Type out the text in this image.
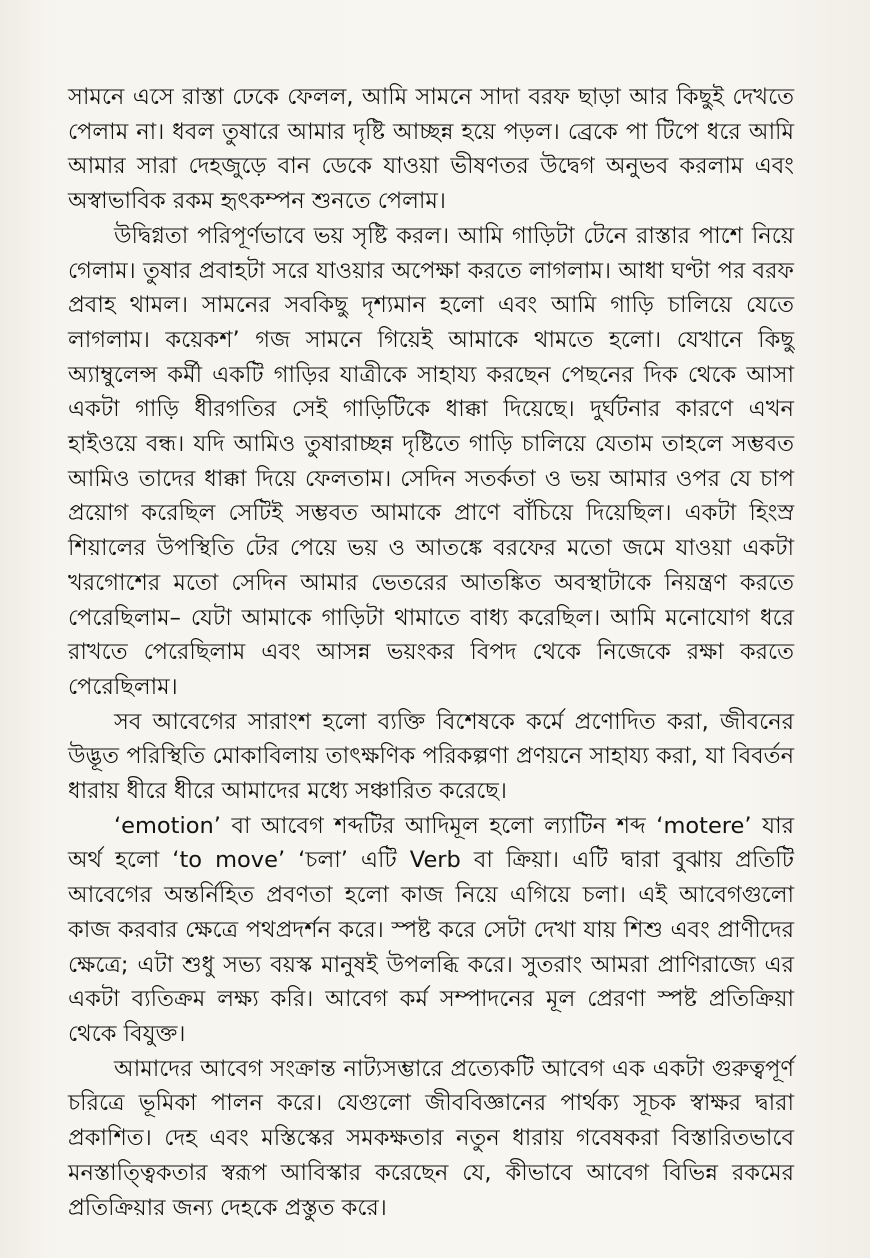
সামনে এসে রাস্তা ঢেকে ফেলল, আমি সামনে সাদা বরফ ছাড়া আর কিছুই দেখতে পেলাম না। ধবল তুষারে আমার দৃষ্টি আচ্ছন্ন হয়ে পড়ল। ব্রেকে পা টিপে ধরে আমি আমার সারা দেহজুড়ে বান ডেকে যাওয়া ভীষণতর উদ্বেগ অনুভব করলাম এবং অস্বাভাবিক রকম হৃৎকম্পন শুনতে পেলাম।

উদ্বিগ্নতা পরিপূর্ণভাবে ভয় সৃষ্টি করল। আমি গাড়িটা টেনে রাস্তার পাশে নিয়ে গেলাম। তুষার প্রবাহটা সরে যাওয়ার অপেক্ষা করতে লাগলাম। আধা ঘণ্টা পর বরফ প্রবাহ থামল। সামনের সবকিছু দৃশ্যমান হলো এবং আমি গাড়ি চালিয়ে যেতে লাগলাম। কয়েকশ’ গজ সামনে গিয়েই আমাকে থামতে হলো। যেখানে কিছু অ্যাম্বুলেন্স কর্মী একটি গাড়ির যাত্রীকে সাহায্য করছেন পেছনের দিক থেকে আসা একটা গাড়ি ধীরগতির সেই গাড়িটিকে ধাক্কা দিয়েছে। দুর্ঘটনার কারণে এখন হাইওয়ে বন্ধ। যদি আমিও তুষারাচ্ছন্ন দৃষ্টিতে গাড়ি চালিয়ে যেতাম তাহলে সম্ভবত আমিও তাদের ধাক্কা দিয়ে ফেলতাম। সেদিন সতর্কতা ও ভয় আমার ওপর যে চাপ প্রয়োগ করেছিল সেটিই সম্ভবত আমাকে প্রাণে বাঁচিয়ে দিয়েছিল। একটা হিংস্র শিয়ালের উপস্থিতি টের পেয়ে ভয় ও আতঙ্কে বরফের মতো জমে যাওয়া একটা খরগোশের মতো সেদিন আমার ভেতরের আতঙ্কিত অবস্থাটাকে নিয়ন্ত্রণ করতে পেরেছিলাম– যেটা আমাকে গাড়িটা থামাতে বাধ্য করেছিল। আমি মনোযোগ ধরে রাখতে পেরেছিলাম এবং আসন্ন ভয়ংকর বিপদ থেকে নিজেকে রক্ষা করতে পেরেছিলাম।

সব আবেগের সারাংশ হলো ব্যক্তি বিশেষকে কর্মে প্রণোদিত করা, জীবনের উদ্ভূত পরিস্থিতি মোকাবিলায় তাৎক্ষণিক পরিকল্পণা প্রণয়নে সাহায্য করা, যা বিবর্তন ধারায় ধীরে ধীরে আমাদের মধ্যে সঞ্চারিত করেছে।

‘emotion’ বা আবেগ শব্দটির আদিমূল হলো ল্যাটিন শব্দ ‘motere’ যার অর্থ হলো ‘to move’ ‘চলা’ এটি Verb বা ক্রিয়া। এটি দ্বারা বুঝায় প্রতিটি আবেগের অন্তর্নিহিত প্রবণতা হলো কাজ নিয়ে এগিয়ে চলা। এই আবেগগুলো কাজ করবার ক্ষেত্রে পথপ্রদর্শন করে। স্পষ্ট করে সেটা দেখা যায় শিশু এবং প্রাণীদের ক্ষেত্রে; এটা শুধু সভ্য বয়স্ক মানুষই উপলব্ধি করে। সুতরাং আমরা প্রাণিরাজ্যে এর একটা ব্যতিক্রম লক্ষ্য করি। আবেগ কর্ম সম্পাদনের মূল প্রেরণা স্পষ্ট প্রতিক্রিয়া থেকে বিযুক্ত।

আমাদের আবেগ সংক্রান্ত নাট্যসম্ভারে প্রত্যেকটি আবেগ এক একটা গুরুত্বপূর্ণ চরিত্রে ভূমিকা পালন করে। যেগুলো জীববিজ্ঞানের পার্থক্য সূচক স্বাক্ষর দ্বারা প্রকাশিত। দেহ এবং মস্তিস্কের সমকক্ষতার নতুন ধারায় গবেষকরা বিস্তারিতভাবে মনস্তাত্ত্বিকতার স্বরূপ আবিস্কার করেছেন যে, কীভাবে আবেগ বিভিন্ন রকমের প্রতিক্রিয়ার জন্য দেহকে প্রস্তুত করে।
